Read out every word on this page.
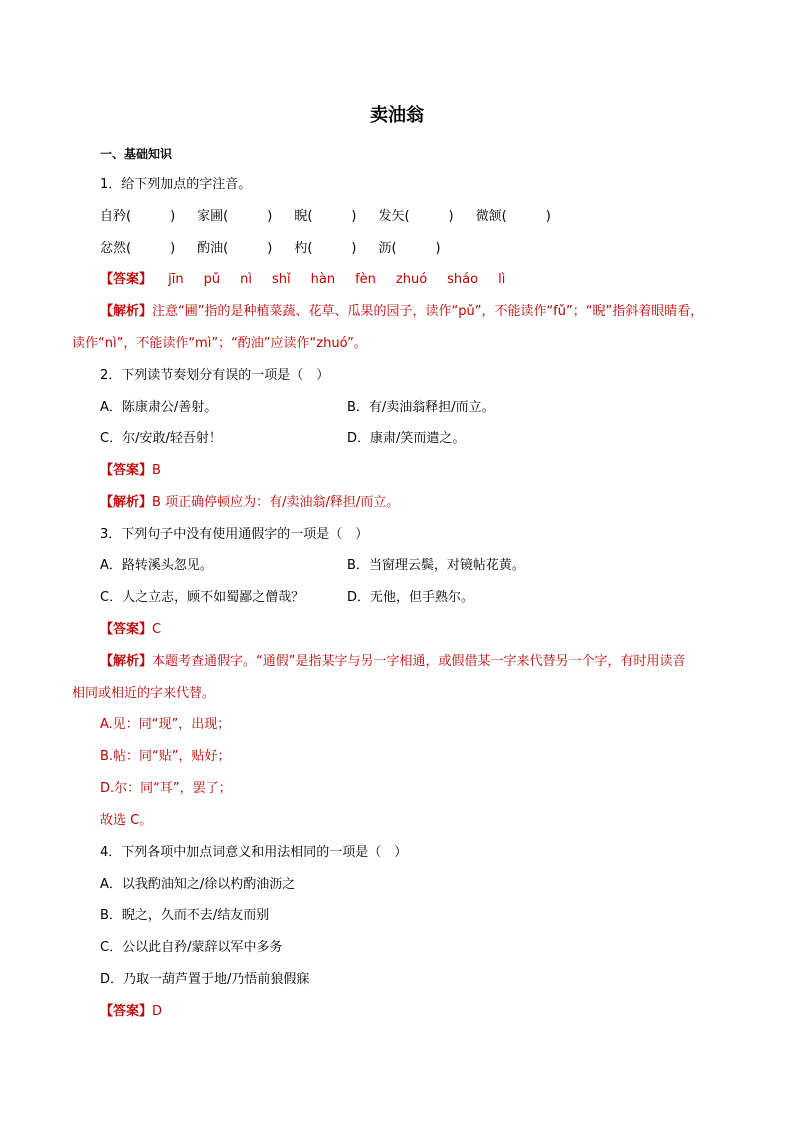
卖油翁
一、基础知识
1．给下列加点的字注音。
自矜(　　　) 家圃(　　　) 睨(　　　) 发矢(　　　) 微颔(　　　)
忿然(　　　) 酌油(　　　) 杓(　　　) 沥(　　　)
【答案】 jīn pǔ nì shǐ hàn fèn zhuó sháo lì
【解析】注意“圃”指的是种植菜蔬、花草、瓜果的园子，读作“pǔ”，不能读作“fǔ”；“睨”指斜着眼睛看，
读作“nì”，不能读作“mì”；“酌油”应读作“zhuó”。
2．下列读节奏划分有误的一项是（　）
A．陈康肃公/善射。	B．有/卖油翁释担/而立。
C．尔/安敢/轻吾射！	D．康肃/笑而遣之。
【答案】B
【解析】B 项正确停顿应为：有/卖油翁/释担/而立。
3．下列句子中没有使用通假字的一项是（　）
A．路转溪头忽见。	B．当窗理云鬓，对镜帖花黄。
C．人之立志，顾不如蜀鄙之僧哉？	D．无他，但手熟尔。
【答案】C
【解析】本题考查通假字。“通假”是指某字与另一字相通，或假借某一字来代替另一个字，有时用读音
相同或相近的字来代替。
A.见：同“现”，出现；
B.帖：同“贴”，贴好；
D.尔：同“耳”，罢了；
故选 C。
4．下列各项中加点词意义和用法相同的一项是（　）
A．以我酌油知之/徐以杓酌油沥之
B．睨之，久而不去/结友而别
C．公以此自矜/蒙辞以军中多务
D．乃取一葫芦置于地/乃悟前狼假寐
【答案】D
